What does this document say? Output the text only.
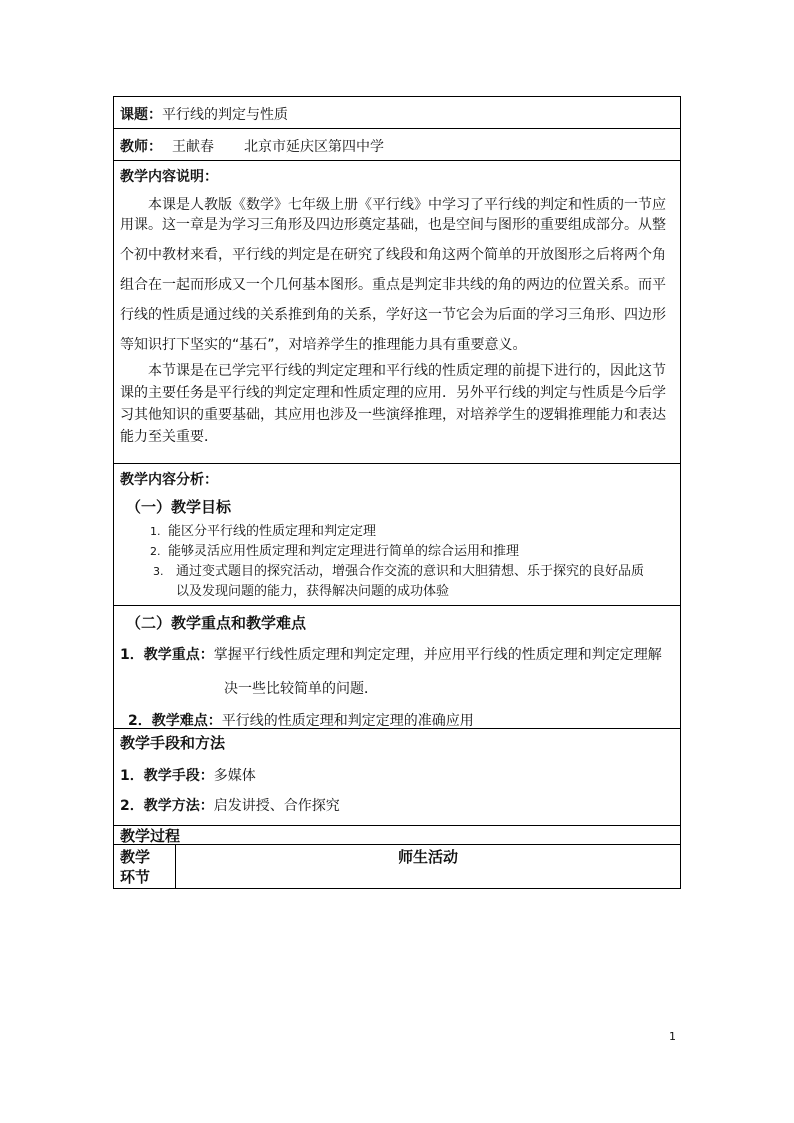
课题：平行线的判定与性质
教师： 王献春 北京市延庆区第四中学
教学内容说明：
本课是人教版《数学》七年级上册《平行线》中学习了平行线的判定和性质的一节应
用课。这一章是为学习三角形及四边形奠定基础，也是空间与图形的重要组成部分。从整
个初中教材来看，平行线的判定是在研究了线段和角这两个简单的开放图形之后将两个角
组合在一起而形成又一个几何基本图形。重点是判定非共线的角的两边的位置关系。而平
行线的性质是通过线的关系推到角的关系，学好这一节它会为后面的学习三角形、四边形
等知识打下坚实的“基石”，对培养学生的推理能力具有重要意义。
本节课是在已学完平行线的判定定理和平行线的性质定理的前提下进行的，因此这节
课的主要任务是平行线的判定定理和性质定理的应用．另外平行线的判定与性质是今后学
习其他知识的重要基础，其应用也涉及一些演绎推理，对培养学生的逻辑推理能力和表达
能力至关重要．
教学内容分析：
（一）教学目标
1. 能区分平行线的性质定理和判定定理
2. 能够灵活应用性质定理和判定定理进行简单的综合运用和推理
3. 通过变式题目的探究活动，增强合作交流的意识和大胆猜想、乐于探究的良好品质
以及发现问题的能力，获得解决问题的成功体验
（二）教学重点和教学难点
1．教学重点：掌握平行线性质定理和判定定理，并应用平行线的性质定理和判定定理解
决一些比较简单的问题．
2．教学难点：平行线的性质定理和判定定理的准确应用
教学手段和方法
1．教学手段：多媒体
2．教学方法：启发讲授、合作探究
教学过程
教学
环节
师生活动
1
